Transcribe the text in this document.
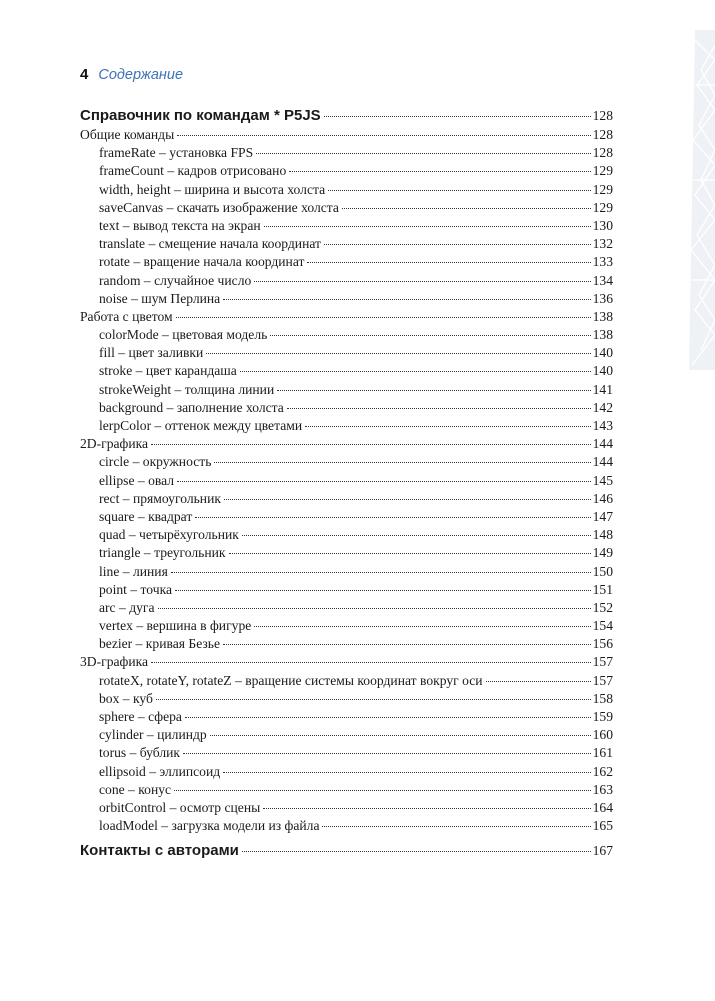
4 Содержание
Справочник по командам * P5JS	128
Общие команды	128
frameRate – установка FPS	128
frameCount – кадров отрисовано	129
width, height – ширина и высота холста	129
saveCanvas – скачать изображение холста	129
text – вывод текста на экран	130
translate – смещение начала координат	132
rotate – вращение начала координат	133
random – случайное число	134
noise – шум Перлина	136
Работа с цветом	138
colorMode – цветовая модель	138
fill – цвет заливки	140
stroke – цвет карандаша	140
strokeWeight – толщина линии	141
background – заполнение холста	142
lerpColor – оттенок между цветами	143
2D-графика	144
circle – окружность	144
ellipse – овал	145
rect – прямоугольник	146
square – квадрат	147
quad – четырёхугольник	148
triangle – треугольник	149
line – линия	150
point – точка	151
arc – дуга	152
vertex – вершина в фигуре	154
bezier – кривая Безье	156
3D-графика	157
rotateX, rotateY, rotateZ – вращение системы координат вокруг оси	157
box – куб	158
sphere – сфера	159
cylinder – цилиндр	160
torus – бублик	161
ellipsoid – эллипсоид	162
cone – конус	163
orbitControl – осмотр сцены	164
loadModel – загрузка модели из файла	165
Контакты с авторами	167
